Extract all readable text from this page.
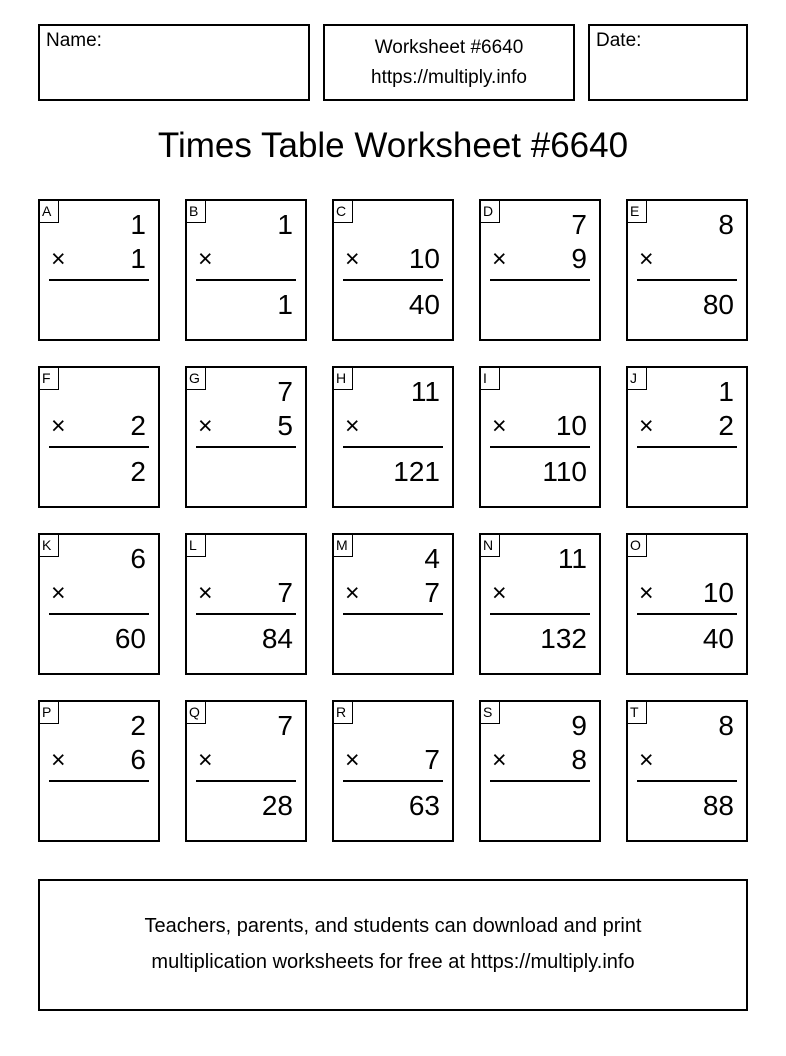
Name:	Worksheet #6640
https://multiply.info
Date:
Times Table Worksheet #6640
A	1
× 1
B	1
×
1
C
× 10
40
D	7
× 9
E	8
×
80
F
× 2
2
G	7
× 5
H 11
×
121
I
× 10
110
J	1
× 2
K	6
×
60
L
× 7
84
M	4
× 7
N 11
×
132
O
× 10
40
P	2
× 6
Q	7
×
28
R
× 7
63
S	9
× 8
T	8
×
88
Teachers, parents, and students can download and print
multiplication worksheets for free at https://multiply.info
